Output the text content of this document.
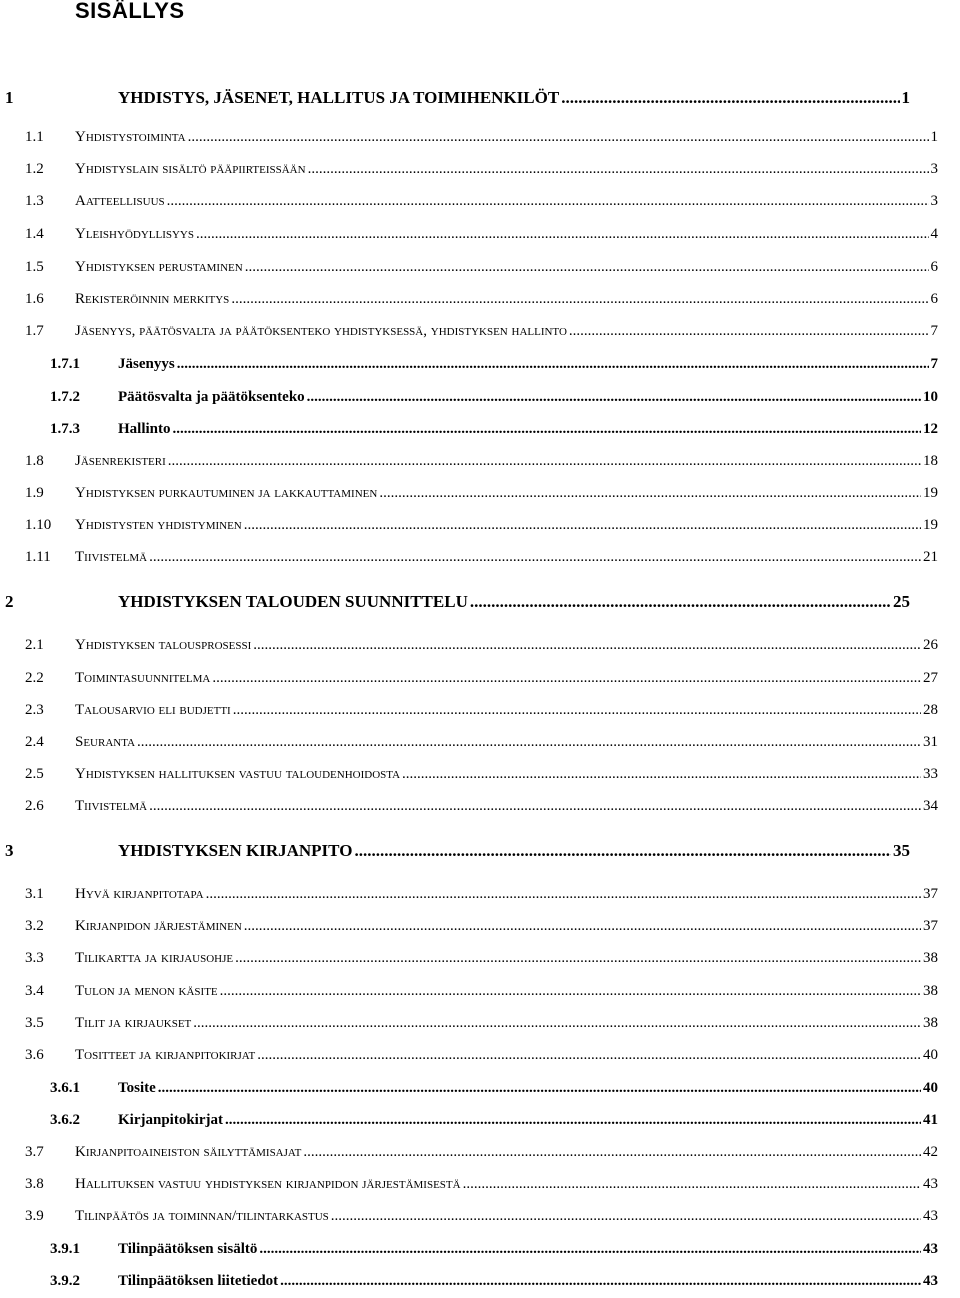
SISÄLLYS
1	YHDISTYS, JÄSENET, HALLITUS JA TOIMIHENKILÖT .....	1
1.1 Yhdistystoiminta .....	1
1.2 Yhdistyslain sisältö pääpiirteissään .....	3
1.3 Aatteellisuus .....	3
1.4 Yleishyödyllisyys .....	4
1.5 Yhdistyksen perustaminen .....	6
1.6 Rekisteröinnin merkitys .....	6
1.7 Jäsenyys, päätösvalta ja päätöksenteko yhdistyksessä, yhdistyksen hallinto .....	7
1.7.1	Jäsenyys .....	7
1.7.2	Päätösvalta ja päätöksenteko .....	10
1.7.3	Hallinto .....	12
1.8 Jäsenrekisteri .....	18
1.9 Yhdistyksen purkautuminen ja lakkauttaminen .....	19
1.10 Yhdistysten yhdistyminen .....	19
1.11 Tiivistelmä .....	21
2	YHDISTYKSEN TALOUDEN SUUNNITTELU .....	25
2.1 Yhdistyksen talousprosessi .....	26
2.2 Toimintasuunnitelma .....	27
2.3 Talousarvio eli budjetti .....	28
2.4 Seuranta .....	31
2.5 Yhdistyksen hallituksen vastuu taloudenhoidosta .....	33
2.6 Tiivistelmä .....	34
3	YHDISTYKSEN KIRJANPITO .....	35
3.1 Hyvä kirjanpitotapa .....	37
3.2 Kirjanpidon järjestäminen .....	37
3.3 Tilikartta ja kirjausohje .....	38
3.4 Tulon ja menon käsite .....	38
3.5 Tilit ja kirjaukset .....	38
3.6 Tositteet ja kirjanpitokirjat .....	40
3.6.1	Tosite .....	40
3.6.2	Kirjanpitokirjat .....	41
3.7 Kirjanpitoaineiston säilyttämisajat .....	42
3.8 Hallituksen vastuu yhdistyksen kirjanpidon järjestämisestä .....	43
3.9 Tilinpäätös ja toiminnan/tilintarkastus .....	43
3.9.1	Tilinpäätöksen sisältö .....	43
3.9.2	Tilinpäätöksen liitetiedot .....	43
